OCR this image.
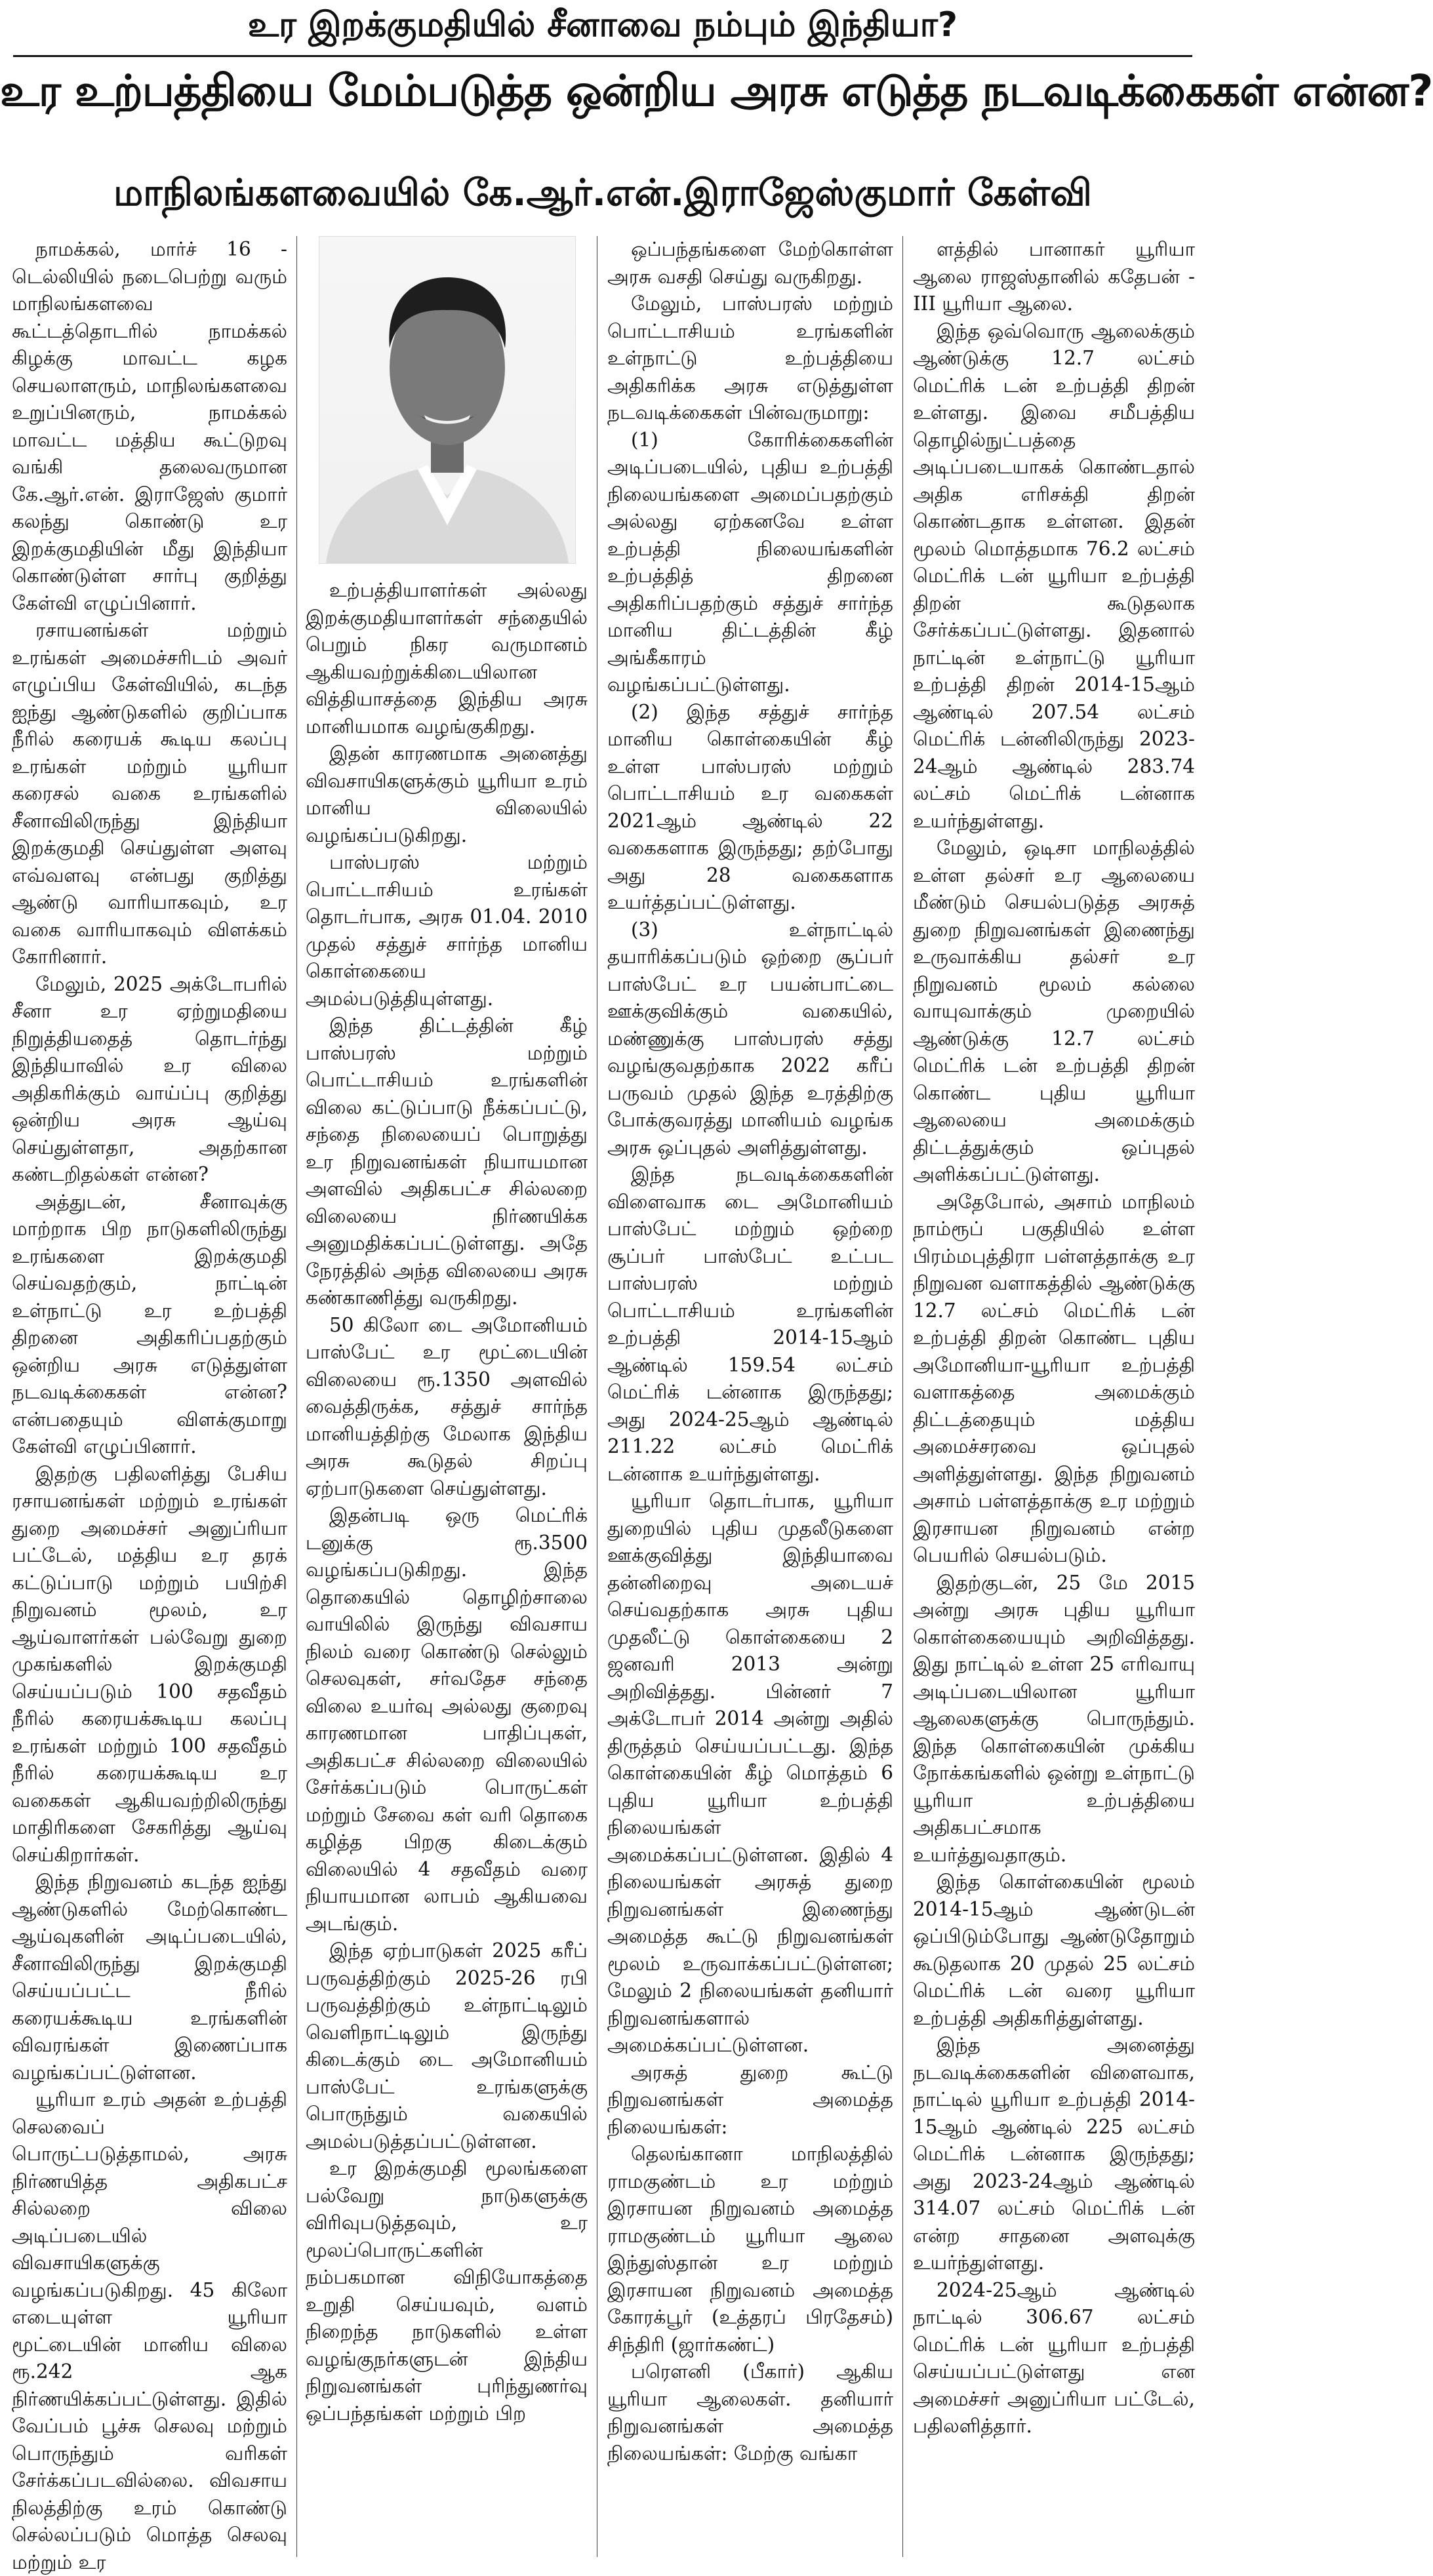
உர இறக்குமதியில் சீனாவை நம்பும் இந்தியா?
உர உற்பத்தியை மேம்படுத்த ஒன்றிய அரசு எடுத்த நடவடிக்கைகள் என்ன?
மாநிலங்களவையில் கே.ஆர்.என்.இராஜேஸ்குமார் கேள்வி

நாமக்கல், மார்ச் 16 - டெல்லியில் நடைபெற்று வரும் மாநிலங்களவை கூட்டத்தொடரில் நாமக்கல் கிழக்கு மாவட்ட கழக செயலாளரும், மாநிலங்களவை உறுப்பினரும், நாமக்கல் மாவட்ட மத்திய கூட்டுறவு வங்கி தலைவருமான கே.ஆர்.என். இராஜேஸ் குமார் கலந்து கொண்டு உர இறக்குமதியின் மீது இந்தியா கொண்டுள்ள சார்பு குறித்து கேள்வி எழுப்பினார்.

ரசாயனங்கள் மற்றும் உரங்கள் அமைச்சரிடம் அவர் எழுப்பிய கேள்வியில், கடந்த ஐந்து ஆண்டுகளில் குறிப்பாக நீரில் கரையக் கூடிய கலப்பு உரங்கள் மற்றும் யூரியா கரைசல் வகை உரங்களில் சீனாவிலிருந்து இந்தியா இறக்குமதி செய்துள்ள அளவு எவ்வளவு என்பது குறித்து ஆண்டு வாரியாகவும், உர வகை வாரியாகவும் விளக்கம் கோரினார்.

மேலும், 2025 அக்டோபரில் சீனா உர ஏற்றுமதியை நிறுத்தியதைத் தொடர்ந்து இந்தியாவில் உர விலை அதிகரிக்கும் வாய்ப்பு குறித்து ஒன்றிய அரசு ஆய்வு செய்துள்ளதா, அதற்கான கண்டறிதல்கள் என்ன?

அத்துடன், சீனாவுக்கு மாற்றாக பிற நாடுகளிலிருந்து உரங்களை இறக்குமதி செய்வதற்கும், நாட்டின் உள்நாட்டு உர உற்பத்தி திறனை அதிகரிப்பதற்கும் ஒன்றிய அரசு எடுத்துள்ள நடவடிக்கைகள் என்ன? என்பதையும் விளக்குமாறு கேள்வி எழுப்பினார்.

இதற்கு பதிலளித்து பேசிய ரசாயனங்கள் மற்றும் உரங்கள் துறை அமைச்சர் அனுப்ரியா பட்டேல், மத்திய உர தரக் கட்டுப்பாடு மற்றும் பயிற்சி நிறுவனம் மூலம், உர ஆய்வாளர்கள் பல்வேறு துறை முகங்களில் இறக்குமதி செய்யப்படும் 100 சதவீதம் நீரில் கரையக்கூடிய கலப்பு உரங்கள் மற்றும் 100 சதவீதம் நீரில் கரையக்கூடிய உர வகைகள் ஆகியவற்றிலிருந்து மாதிரிகளை சேகரித்து ஆய்வு செய்கிறார்கள்.

இந்த நிறுவனம் கடந்த ஐந்து ஆண்டுகளில் மேற்கொண்ட ஆய்வுகளின் அடிப்படையில், சீனாவிலிருந்து இறக்குமதி செய்யப்பட்ட நீரில் கரையக்கூடிய உரங்களின் விவரங்கள் இணைப்பாக வழங்கப்பட்டுள்ளன.

யூரியா உரம் அதன் உற்பத்தி செலவைப் பொருட்படுத்தாமல், அரசு நிர்ணயித்த அதிகபட்ச சில்லறை விலை அடிப்படையில் விவசாயிகளுக்கு வழங்கப்படுகிறது. 45 கிலோ எடையுள்ள யூரியா மூட்டையின் மானிய விலை ரூ.242 ஆக நிர்ணயிக்கப்பட்டுள்ளது. இதில் வேப்பம் பூச்சு செலவு மற்றும் பொருந்தும் வரிகள் சேர்க்கப்படவில்லை. விவசாய நிலத்திற்கு உரம் கொண்டு செல்லப்படும் மொத்த செலவு மற்றும் உர

உற்பத்தியாளர்கள் அல்லது இறக்குமதியாளர்கள் சந்தையில் பெறும் நிகர வருமானம் ஆகியவற்றுக்கிடையிலான வித்தியாசத்தை இந்திய அரசு மானியமாக வழங்குகிறது.

இதன் காரணமாக அனைத்து விவசாயிகளுக்கும் யூரியா உரம் மானிய விலையில் வழங்கப்படுகிறது.

பாஸ்பரஸ் மற்றும் பொட்டாசியம் உரங்கள் தொடர்பாக, அரசு 01.04. 2010 முதல் சத்துச் சார்ந்த மானிய கொள்கையை அமல்படுத்தியுள்ளது.

இந்த திட்டத்தின் கீழ் பாஸ்பரஸ் மற்றும் பொட்டாசியம் உரங்களின் விலை கட்டுப்பாடு நீக்கப்பட்டு, சந்தை நிலையைப் பொறுத்து உர நிறுவனங்கள் நியாயமான அளவில் அதிகபட்ச சில்லறை விலையை நிர்ணயிக்க அனுமதிக்கப்பட்டுள்ளது. அதே நேரத்தில் அந்த விலையை அரசு கண்காணித்து வருகிறது.

50 கிலோ டை அமோனியம் பாஸ்பேட் உர மூட்டையின் விலையை ரூ.1350 அளவில் வைத்திருக்க, சத்துச் சார்ந்த மானியத்திற்கு மேலாக இந்திய அரசு கூடுதல் சிறப்பு ஏற்பாடுகளை செய்துள்ளது.

இதன்படி ஒரு மெட்ரிக் டனுக்கு ரூ.3500 வழங்கப்படுகிறது. இந்த தொகையில் தொழிற்சாலை வாயிலில் இருந்து விவசாய நிலம் வரை கொண்டு செல்லும் செலவுகள், சர்வதேச சந்தை விலை உயர்வு அல்லது குறைவு காரணமான பாதிப்புகள், அதிகபட்ச சில்லறை விலையில் சேர்க்கப்படும் பொருட்கள் மற்றும் சேவை கள் வரி தொகை கழித்த பிறகு கிடைக்கும் விலையில் 4 சதவீதம் வரை நியாயமான லாபம் ஆகியவை அடங்கும்.

இந்த ஏற்பாடுகள் 2025 கரீப் பருவத்திற்கும் 2025-26 ரபி பருவத்திற்கும் உள்நாட்டிலும் வெளிநாட்டிலும் இருந்து கிடைக்கும் டை அமோனியம் பாஸ்பேட் உரங்களுக்கு பொருந்தும் வகையில் அமல்படுத்தப்பட்டுள்ளன.

உர இறக்குமதி மூலங்களை பல்வேறு நாடுகளுக்கு விரிவுபடுத்தவும், உர மூலப்பொருட்களின் நம்பகமான விநியோகத்தை உறுதி செய்யவும், வளம் நிறைந்த நாடுகளில் உள்ள வழங்குநர்களுடன் இந்திய நிறுவனங்கள் புரிந்துணர்வு ஒப்பந்தங்கள் மற்றும் பிற

ஒப்பந்தங்களை மேற்கொள்ள அரசு வசதி செய்து வருகிறது.

மேலும், பாஸ்பரஸ் மற்றும் பொட்டாசியம் உரங்களின் உள்நாட்டு உற்பத்தியை அதிகரிக்க அரசு எடுத்துள்ள நடவடிக்கைகள் பின்வருமாறு:

(1) கோரிக்கைகளின் அடிப்படையில், புதிய உற்பத்தி நிலையங்களை அமைப்பதற்கும் அல்லது ஏற்கனவே உள்ள உற்பத்தி நிலையங்களின் உற்பத்தித் திறனை அதிகரிப்பதற்கும் சத்துச் சார்ந்த மானிய திட்டத்தின் கீழ் அங்கீகாரம் வழங்கப்பட்டுள்ளது.

(2) இந்த சத்துச் சார்ந்த மானிய கொள்கையின் கீழ் உள்ள பாஸ்பரஸ் மற்றும் பொட்டாசியம் உர வகைகள் 2021ஆம் ஆண்டில் 22 வகைகளாக இருந்தது; தற்போது அது 28 வகைகளாக உயர்த்தப்பட்டுள்ளது.

(3) உள்நாட்டில் தயாரிக்கப்படும் ஒற்றை சூப்பர் பாஸ்பேட் உர பயன்பாட்டை ஊக்குவிக்கும் வகையில், மண்ணுக்கு பாஸ்பரஸ் சத்து வழங்குவதற்காக 2022 கரீப் பருவம் முதல் இந்த உரத்திற்கு போக்குவரத்து மானியம் வழங்க அரசு ஒப்புதல் அளித்துள்ளது.

இந்த நடவடிக்கைகளின் விளைவாக டை அமோனியம் பாஸ்பேட் மற்றும் ஒற்றை சூப்பர் பாஸ்பேட் உட்பட பாஸ்பரஸ் மற்றும் பொட்டாசியம் உரங்களின் உற்பத்தி 2014-15ஆம் ஆண்டில் 159.54 லட்சம் மெட்ரிக் டன்னாக இருந்தது; அது 2024-25ஆம் ஆண்டில் 211.22 லட்சம் மெட்ரிக் டன்னாக உயர்ந்துள்ளது.

யூரியா தொடர்பாக, யூரியா துறையில் புதிய முதலீடுகளை ஊக்குவித்து இந்தியாவை தன்னிறைவு அடையச் செய்வதற்காக அரசு புதிய முதலீட்டு கொள்கையை 2 ஜனவரி 2013 அன்று அறிவித்தது. பின்னர் 7 அக்டோபர் 2014 அன்று அதில் திருத்தம் செய்யப்பட்டது. இந்த கொள்கையின் கீழ் மொத்தம் 6 புதிய யூரியா உற்பத்தி நிலையங்கள் அமைக்கப்பட்டுள்ளன. இதில் 4 நிலையங்கள் அரசுத் துறை நிறுவனங்கள் இணைந்து அமைத்த கூட்டு நிறுவனங்கள் மூலம் உருவாக்கப்பட்டுள்ளன; மேலும் 2 நிலையங்கள் தனியார் நிறுவனங்களால் அமைக்கப்பட்டுள்ளன.

அரசுத் துறை கூட்டு நிறுவனங்கள் அமைத்த நிலையங்கள்:

தெலங்கானா மாநிலத்தில் ராமகுண்டம் உர மற்றும் இரசாயன நிறுவனம் அமைத்த ராமகுண்டம் யூரியா ஆலை இந்துஸ்தான் உர மற்றும் இரசாயன நிறுவனம் அமைத்த கோரக்பூர் (உத்தரப் பிரதேசம்) சிந்திரி (ஜார்கண்ட்)

பரௌனி (பீகார்) ஆகிய யூரியா ஆலைகள். தனியார் நிறுவனங்கள் அமைத்த நிலையங்கள்: மேற்கு வங்கா

ளத்தில் பானாகர் யூரியா ஆலை ராஜஸ்தானில் கதேபன் - III யூரியா ஆலை.

இந்த ஒவ்வொரு ஆலைக்கும் ஆண்டுக்கு 12.7 லட்சம் மெட்ரிக் டன் உற்பத்தி திறன் உள்ளது. இவை சமீபத்திய தொழில்நுட்பத்தை அடிப்படையாகக் கொண்டதால் அதிக எரிசக்தி திறன் கொண்டதாக உள்ளன. இதன் மூலம் மொத்தமாக 76.2 லட்சம் மெட்ரிக் டன் யூரியா உற்பத்தி திறன் கூடுதலாக சேர்க்கப்பட்டுள்ளது. இதனால் நாட்டின் உள்நாட்டு யூரியா உற்பத்தி திறன் 2014-15ஆம் ஆண்டில் 207.54 லட்சம் மெட்ரிக் டன்னிலிருந்து 2023-24ஆம் ஆண்டில் 283.74 லட்சம் மெட்ரிக் டன்னாக உயர்ந்துள்ளது.

மேலும், ஒடிசா மாநிலத்தில் உள்ள தல்சர் உர ஆலையை மீண்டும் செயல்படுத்த அரசுத் துறை நிறுவனங்கள் இணைந்து உருவாக்கிய தல்சர் உர நிறுவனம் மூலம் கல்லை வாயுவாக்கும் முறையில் ஆண்டுக்கு 12.7 லட்சம் மெட்ரிக் டன் உற்பத்தி திறன் கொண்ட புதிய யூரியா ஆலையை அமைக்கும் திட்டத்துக்கும் ஒப்புதல் அளிக்கப்பட்டுள்ளது.

அதேபோல், அசாம் மாநிலம் நாம்ரூப் பகுதியில் உள்ள பிரம்மபுத்திரா பள்ளத்தாக்கு உர நிறுவன வளாகத்தில் ஆண்டுக்கு 12.7 லட்சம் மெட்ரிக் டன் உற்பத்தி திறன் கொண்ட புதிய அமோனியா-யூரியா உற்பத்தி வளாகத்தை அமைக்கும் திட்டத்தையும் மத்திய அமைச்சரவை ஒப்புதல் அளித்துள்ளது. இந்த நிறுவனம் அசாம் பள்ளத்தாக்கு உர மற்றும் இரசாயன நிறுவனம் என்ற பெயரில் செயல்படும்.

இதற்குடன், 25 மே 2015 அன்று அரசு புதிய யூரியா கொள்கையையும் அறிவித்தது. இது நாட்டில் உள்ள 25 எரிவாயு அடிப்படையிலான யூரியா ஆலைகளுக்கு பொருந்தும். இந்த கொள்கையின் முக்கிய நோக்கங்களில் ஒன்று உள்நாட்டு யூரியா உற்பத்தியை அதிகபட்சமாக உயர்த்துவதாகும்.

இந்த கொள்கையின் மூலம் 2014-15ஆம் ஆண்டுடன் ஒப்பிடும்போது ஆண்டுதோறும் கூடுதலாக 20 முதல் 25 லட்சம் மெட்ரிக் டன் வரை யூரியா உற்பத்தி அதிகரித்துள்ளது.

இந்த அனைத்து நடவடிக்கைகளின் விளைவாக, நாட்டில் யூரியா உற்பத்தி 2014-15ஆம் ஆண்டில் 225 லட்சம் மெட்ரிக் டன்னாக இருந்தது; அது 2023-24ஆம் ஆண்டில் 314.07 லட்சம் மெட்ரிக் டன் என்ற சாதனை அளவுக்கு உயர்ந்துள்ளது.

2024-25ஆம் ஆண்டில் நாட்டில் 306.67 லட்சம் மெட்ரிக் டன் யூரியா உற்பத்தி செய்யப்பட்டுள்ளது என அமைச்சர் அனுப்ரியா பட்டேல், பதிலளித்தார்.
